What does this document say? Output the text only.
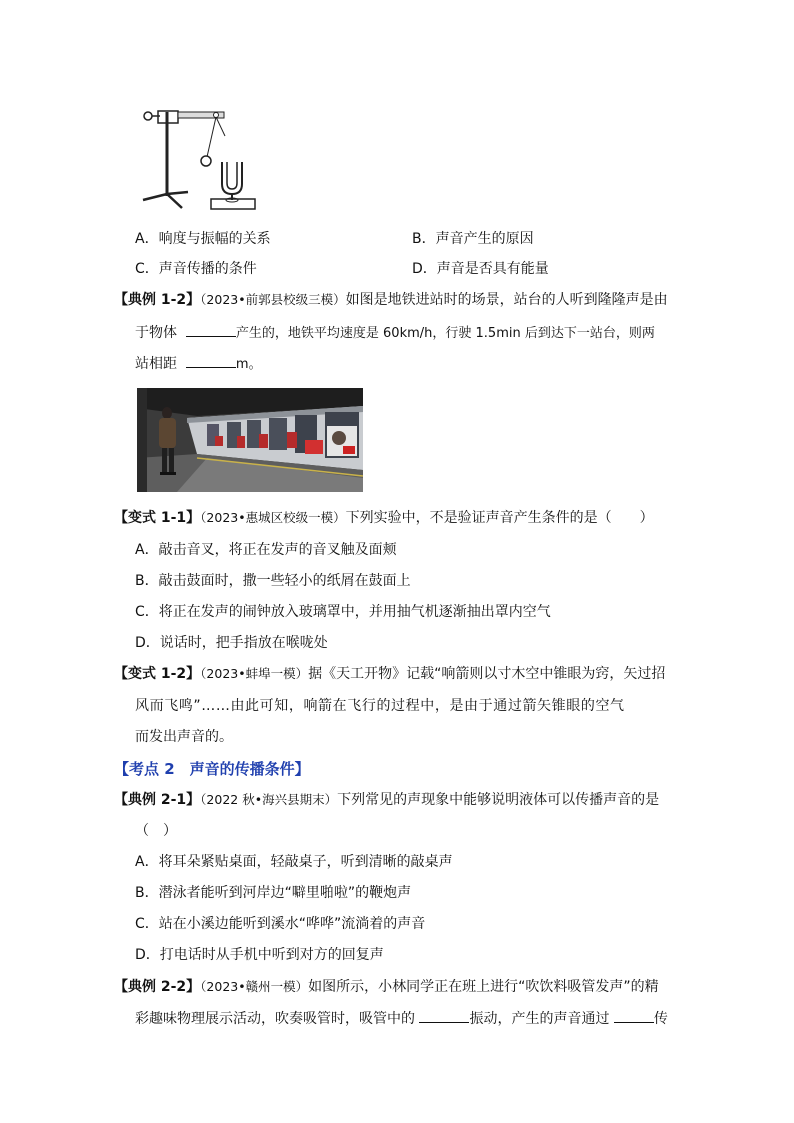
A．响度与振幅的关系	B．声音产生的原因
C．声音传播的条件	D．声音是否具有能量
【典例 1-2】（2023•前郭县校级三模）如图是地铁进站时的场景，站台的人听到隆隆声是由
于物体	产生的，地铁平均速度是 60km/h，行驶 1.5min 后到达下一站台，则两
站相距	m。
【变式 1-1】（2023•惠城区校级一模）下列实验中，不是验证声音产生条件的是（　　）
A．敲击音叉，将正在发声的音叉触及面颊
B．敲击鼓面时，撒一些轻小的纸屑在鼓面上
C．将正在发声的闹钟放入玻璃罩中，并用抽气机逐渐抽出罩内空气
D．说话时，把手指放在喉咙处
【变式 1-2】（2023•蚌埠一模）据《天工开物》记载“响箭则以寸木空中锥眼为窍，矢过招
风而飞鸣”……由此可知，响箭在飞行的过程中，是由于通过箭矢锥眼的空气
而发出声音的。
【考点 2　声音的传播条件】
【典例 2-1】（2022 秋•海兴县期末）下列常见的声现象中能够说明液体可以传播声音的是
（　）
A．将耳朵紧贴桌面，轻敲桌子，听到清晰的敲桌声
B．潜泳者能听到河岸边“噼里啪啦”的鞭炮声
C．站在小溪边能听到溪水“哗哗”流淌着的声音
D．打电话时从手机中听到对方的回复声
【典例 2-2】（2023•赣州一模）如图所示，小林同学正在班上进行“吹饮料吸管发声”的精
彩趣味物理展示活动，吹奏吸管时，吸管中的	振动，产生的声音通过	传
